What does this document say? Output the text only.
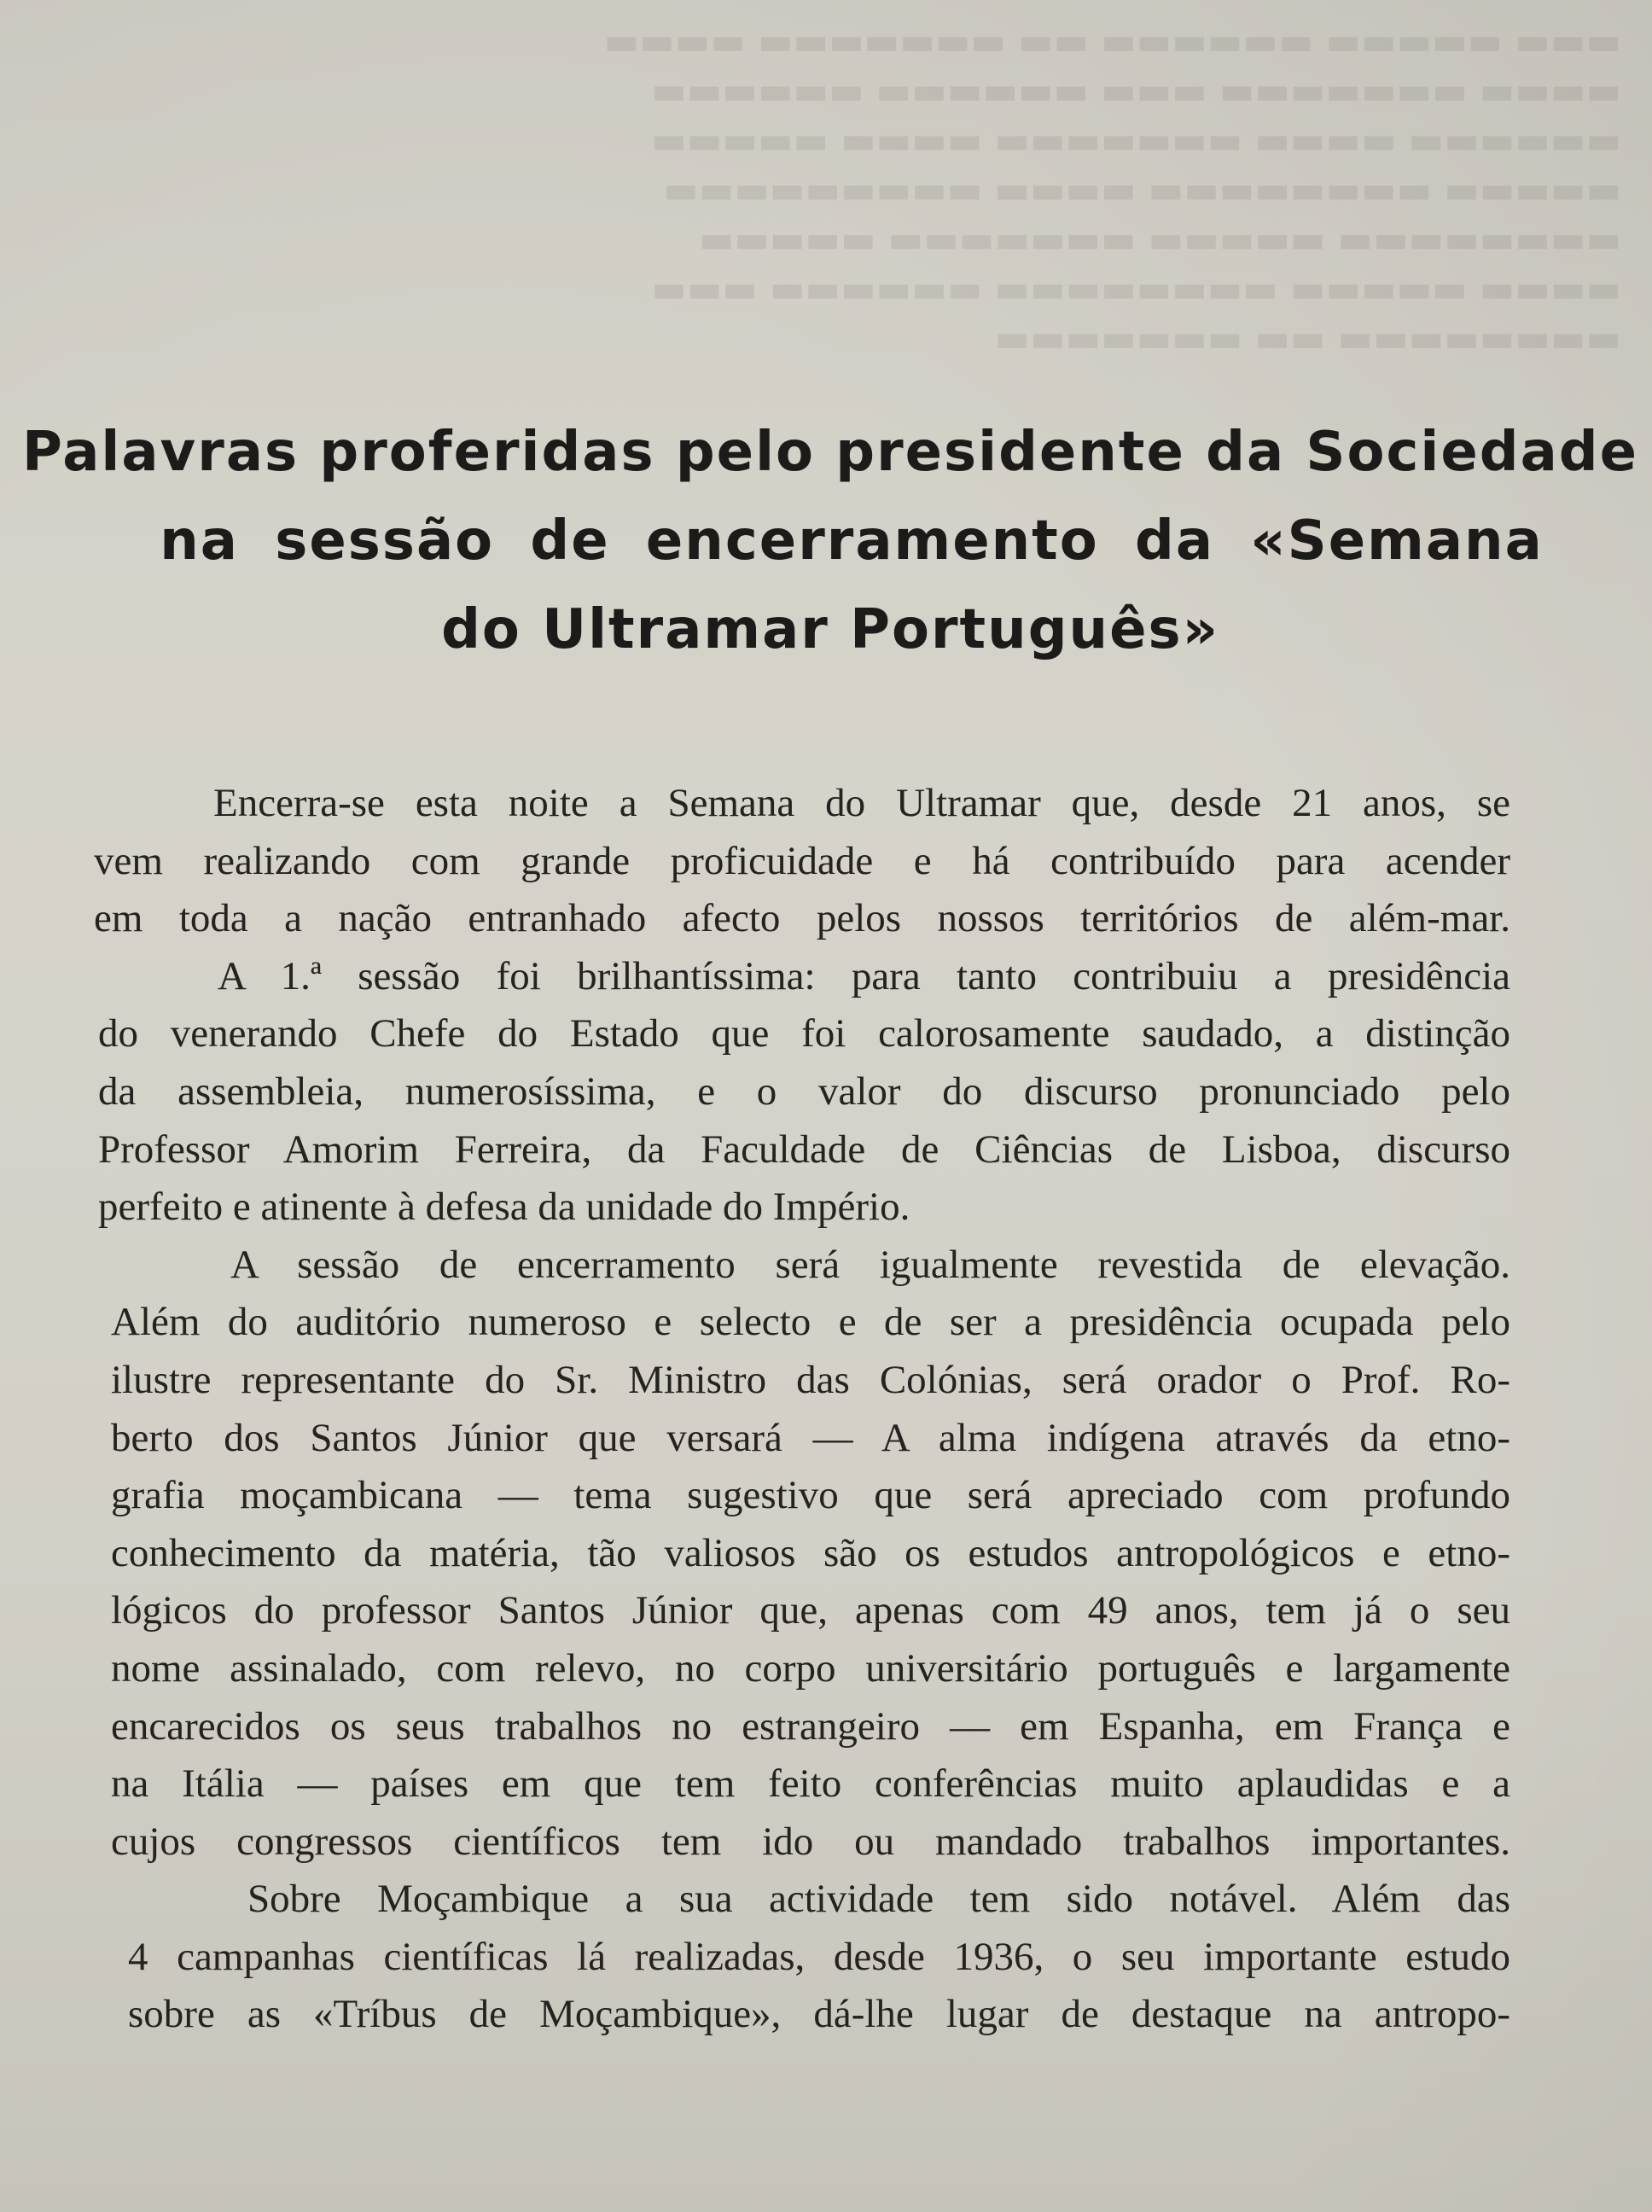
▬▬▬ ▬▬▬▬▬ ▬▬▬▬▬▬ ▬▬ ▬▬▬▬▬▬▬ ▬▬▬▬
▬▬▬▬ ▬▬▬▬▬▬▬ ▬▬▬ ▬▬▬▬▬▬ ▬▬▬▬▬▬
▬▬▬▬▬▬ ▬▬▬▬ ▬▬▬▬▬▬▬ ▬▬▬▬ ▬▬▬▬▬
▬▬▬▬▬ ▬▬▬▬▬▬▬▬ ▬▬▬▬ ▬▬▬▬▬▬▬▬▬
▬▬▬▬▬▬▬▬ ▬▬▬▬▬ ▬▬▬▬▬▬▬ ▬▬▬▬▬
▬▬▬▬ ▬▬▬▬▬ ▬▬▬▬▬▬▬▬ ▬▬▬▬▬▬ ▬▬▬
▬▬▬▬▬▬▬▬ ▬▬ ▬▬▬▬▬▬▬
Palavras proferidas pelo presidente da Sociedade
na sessão de encerramento da «Semana
do Ultramar Português»
Encerra-se esta noite a Semana do Ultramar que, desde 21 anos, se
vem realizando com grande proficuidade e há contribuído para acender
em toda a nação entranhado afecto pelos nossos territórios de além-mar.
A 1.ª sessão foi brilhantíssima: para tanto contribuiu a presidência
do venerando Chefe do Estado que foi calorosamente saudado, a distinção
da assembleia, numerosíssima, e o valor do discurso pronunciado pelo
Professor Amorim Ferreira, da Faculdade de Ciências de Lisboa, discurso
perfeito e atinente à defesa da unidade do Império.
A sessão de encerramento será igualmente revestida de elevação.
Além do auditório numeroso e selecto e de ser a presidência ocupada pelo
ilustre representante do Sr. Ministro das Colónias, será orador o Prof. Ro-
berto dos Santos Júnior que versará — A alma indígena através da etno-
grafia moçambicana — tema sugestivo que será apreciado com profundo
conhecimento da matéria, tão valiosos são os estudos antropológicos e etno-
lógicos do professor Santos Júnior que, apenas com 49 anos, tem já o seu
nome assinalado, com relevo, no corpo universitário português e largamente
encarecidos os seus trabalhos no estrangeiro — em Espanha, em França e
na Itália — países em que tem feito conferências muito aplaudidas e a
cujos congressos científicos tem ido ou mandado trabalhos importantes.
Sobre Moçambique a sua actividade tem sido notável. Além das
4 campanhas científicas lá realizadas, desde 1936, o seu importante estudo
sobre as «Tríbus de Moçambique», dá-lhe lugar de destaque na antropo-
